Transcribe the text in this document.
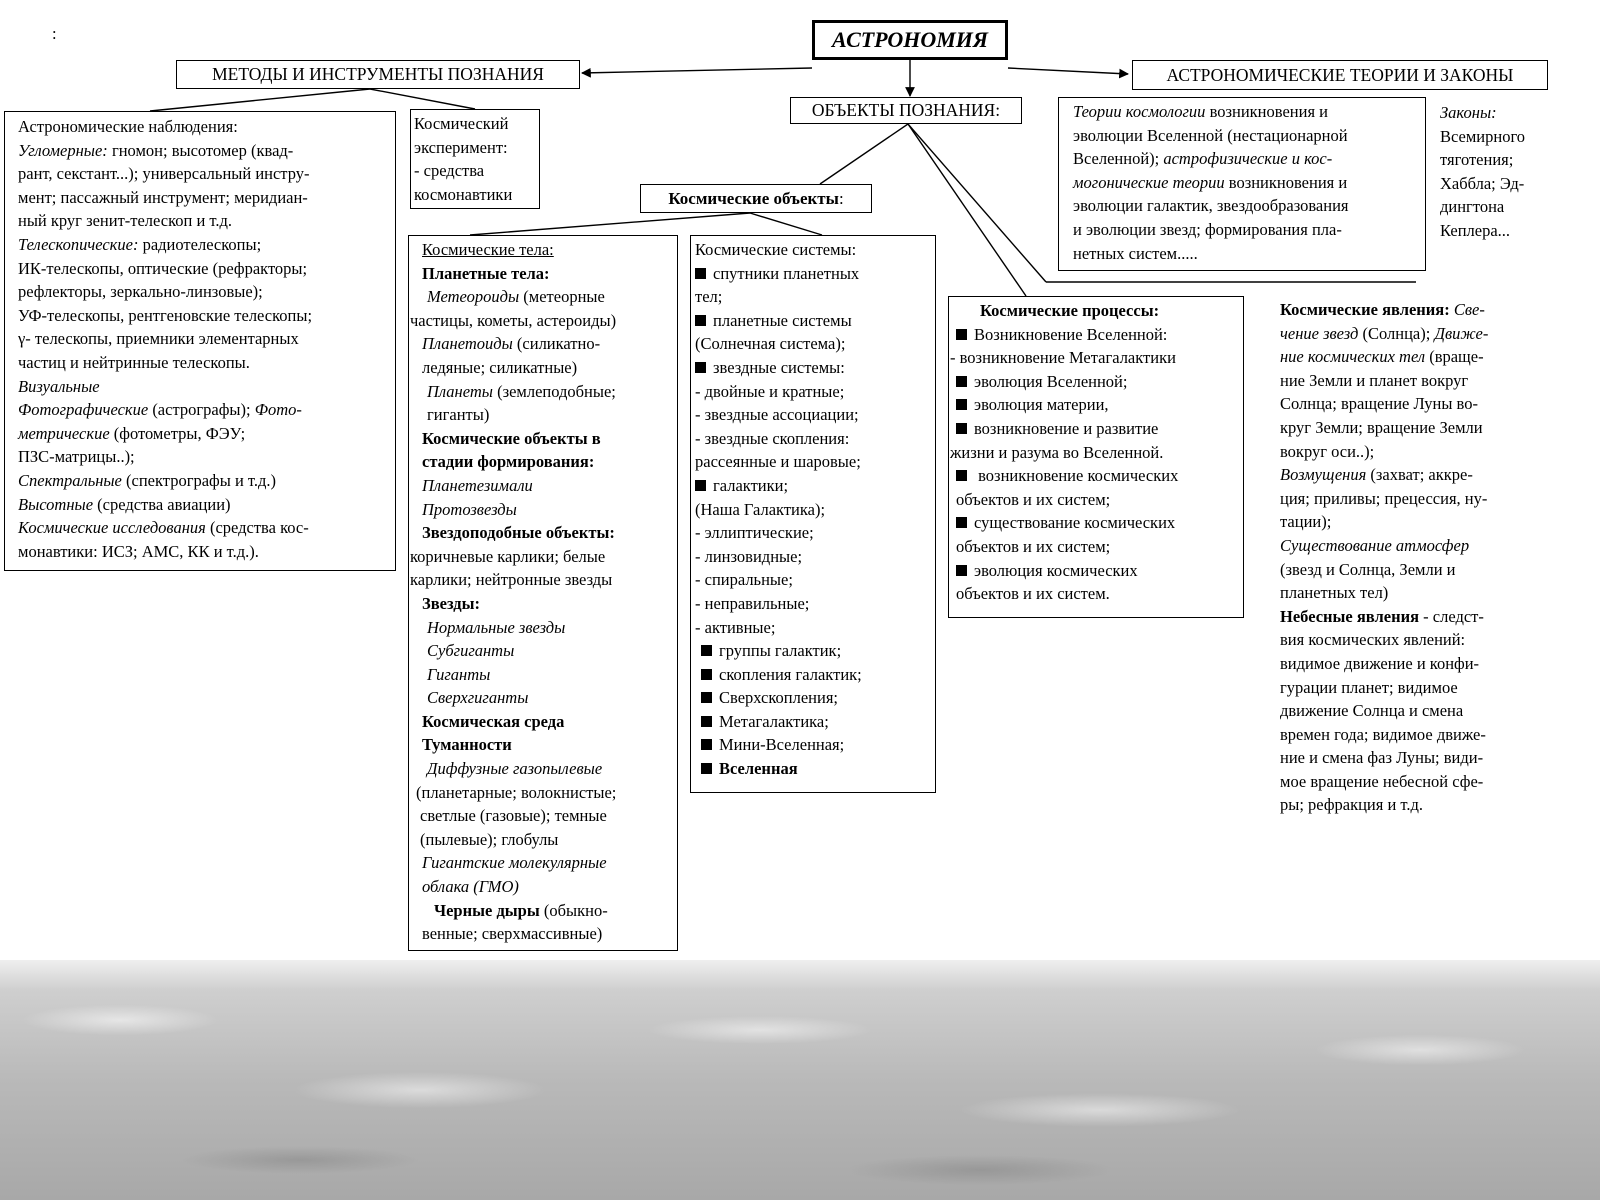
:	АСТРОНОМИЯ
МЕТОДЫ И ИНСТРУМЕНТЫ ПОЗНАНИЯ	АСТРОНОМИЧЕСКИЕ ТЕОРИИ И ЗАКОНЫ
ОБЪЕКТЫ ПОЗНАНИЯ:
Космические объекты :
Астрономические наблюдения:
Угломерные: гномон; высотомер (квад-
рант, секстант...); универсальный инстру-
мент; пассажный инструмент; меридиан-
ный круг зенит-телескоп и т.д.
Телескопические: радиотелескопы;
ИК-телескопы, оптические (рефракторы;
рефлекторы, зеркально-линзовые);
УФ-телескопы, рентгеновские телескопы;
γ- телескопы, приемники элементарных
частиц и нейтринные телескопы.
Визуальные
Фотографические (астрографы); Фото-
метрические (фотометры, ФЭУ;
ПЗС-матрицы..);
Спектральные (спектрографы и т.д.)
Высотные (средства авиации)
Космические исследования (средства кос-
монавтики: ИСЗ; АМС, КК и т.д.).
Космический
эксперимент:
- средства
космонавтики
Космические тела:
Планетные тела:
Метеороиды (метеорные
частицы, кометы, астероиды)
Планетоиды (силикатно-
ледяные; силикатные)
Планеты (землеподобные;
гиганты)
Космические объекты в
стадии формирования:
Планетезимали
Протозвезды
Звездоподобные объекты:
коричневые карлики; белые
карлики; нейтронные звезды
Звезды:
Нормальные звезды
Субгиганты
Гиганты
Сверхгиганты
Космическая среда
Туманности
Диффузные газопылевые
(планетарные; волокнистые;
светлые (газовые); темные
(пылевые); глобулы
Гигантские молекулярные
облака (ГМО)
Черные дыры (обыкно-
венные; сверхмассивные)
Космические системы:
спутники планетных
тел;
планетные системы
(Солнечная система);
звездные системы:
- двойные и кратные;
- звездные ассоциации;
- звездные скопления:
рассеянные и шаровые;
галактики;
(Наша Галактика);
- эллиптические;
- линзовидные;
- спиральные;
- неправильные;
- активные;
группы галактик;
скопления галактик;
Сверхскопления;
Метагалактика;
Мини-Вселенная;
Вселенная
Космические процессы:
Возникновение Вселенной:
- возникновение Метагалактики
эволюция Вселенной;
эволюция материи,
возникновение и развитие
жизни и разума во Вселенной.
возникновение космических
объектов и их систем;
существование космических
объектов и их систем;
эволюция космических
объектов и их систем.
Космические явления: Све-
чение звезд (Солнца); Движе-
ние космических тел (враще-
ние Земли и планет вокруг
Солнца; вращение Луны во-
круг Земли; вращение Земли
вокруг оси..);
Возмущения (захват; аккре-
ция; приливы; прецессия, ну-
тации);
Существование атмосфер
(звезд и Солнца, Земли и
планетных тел)
Небесные явления - следст-
вия космических явлений:
видимое движение и конфи-
гурации планет; видимое
движение Солнца и смена
времен года; видимое движе-
ние и смена фаз Луны; види-
мое вращение небесной сфе-
ры; рефракция и т.д.
Теории космологии возникновения и
эволюции Вселенной (нестационарной
Вселенной); астрофизические и кос-
могонические теории возникновения и
эволюции галактик, звездообразования
и эволюции звезд; формирования пла-
нетных систем.....
Законы:
Всемирного
тяготения;
Хаббла; Эд-
дингтона
Кеплера...
